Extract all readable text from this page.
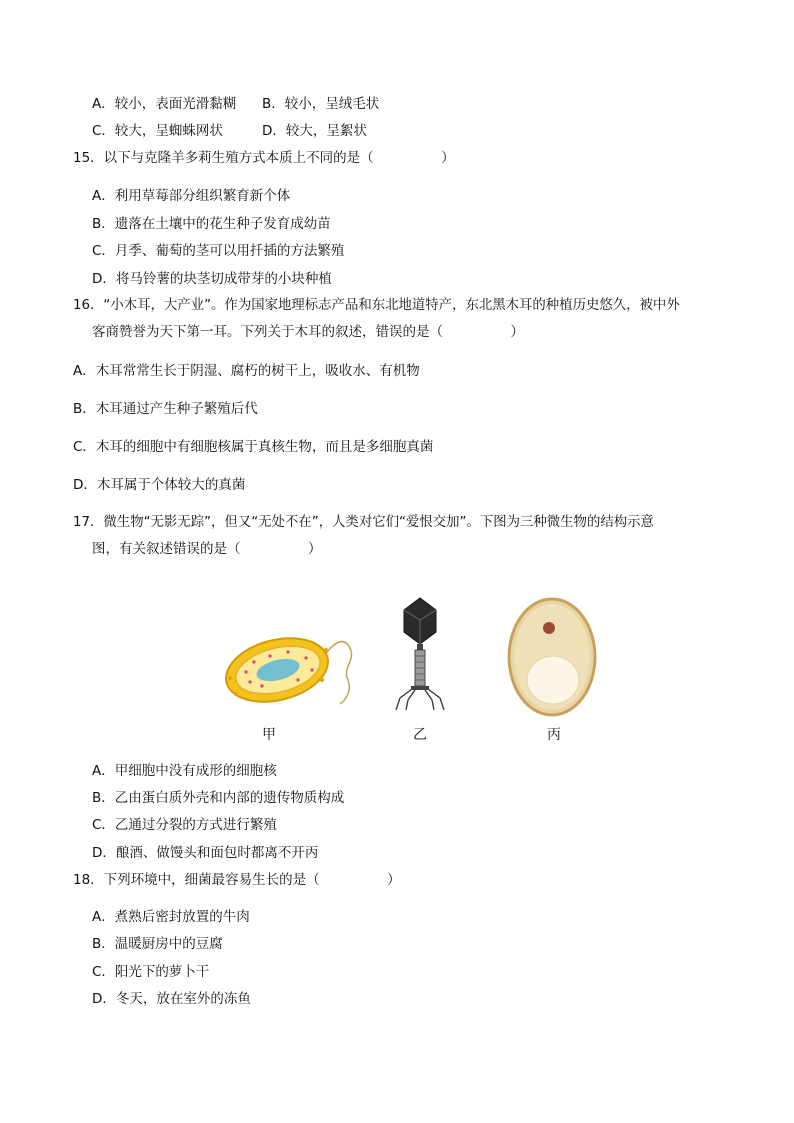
A．较小，表面光滑黏糊 B．较小，呈绒毛状
C．较大，呈蜘蛛网状	D．较大，呈絮状
15．以下与克隆羊多莉生殖方式本质上不同的是（　　　　　）
A．利用草莓部分组织繁育新个体
B．遗落在土壤中的花生种子发育成幼苗
C．月季、葡萄的茎可以用扦插的方法繁殖
D．将马铃薯的块茎切成带芽的小块种植
16．“小木耳，大产业”。作为国家地理标志产品和东北地道特产，东北黑木耳的种植历史悠久，被中外
客商赞誉为天下第一耳。下列关于木耳的叙述，错误的是（　　　　　）
A．木耳常常生长于阴湿、腐朽的树干上，吸收水、有机物
B．木耳通过产生种子繁殖后代
C．木耳的细胞中有细胞核属于真核生物，而且是多细胞真菌
D．木耳属于个体较大的真菌
17．微生物“无影无踪”，但又“无处不在”，人类对它们“爱恨交加”。下图为三种微生物的结构示意
图，有关叙述错误的是（　　　　　）
甲	乙	丙
A．甲细胞中没有成形的细胞核
B．乙由蛋白质外壳和内部的遗传物质构成
C．乙通过分裂的方式进行繁殖
D．酿酒、做馒头和面包时都离不开丙
18．下列环境中，细菌最容易生长的是（　　　　　）
A．煮熟后密封放置的牛肉
B．温暖厨房中的豆腐
C．阳光下的萝卜干
D．冬天，放在室外的冻鱼
